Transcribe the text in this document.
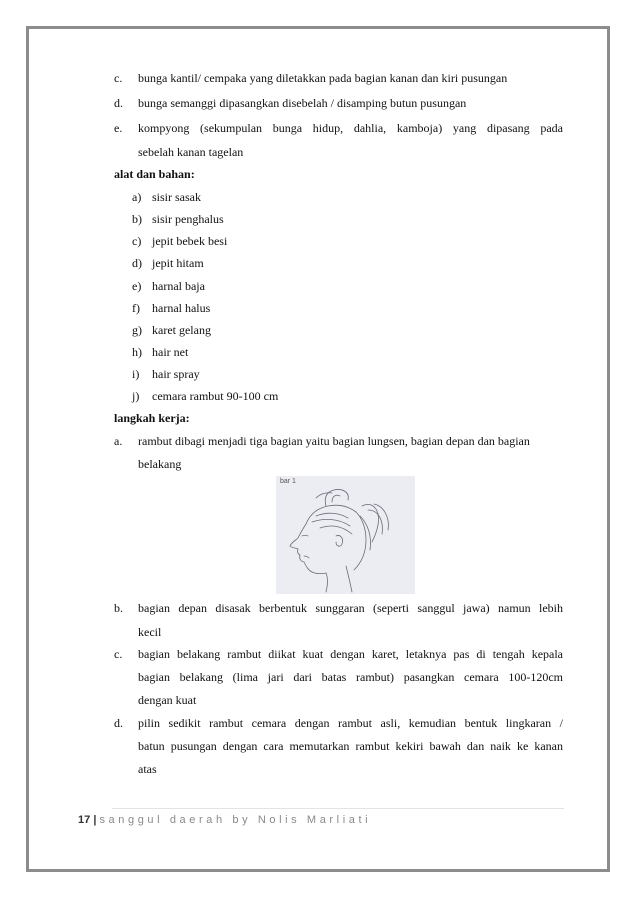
c. bunga kantil/ cempaka yang diletakkan pada bagian kanan dan kiri pusungan
d. bunga semanggi dipasangkan disebelah / disamping butun pusungan
e. kompyong (sekumpulan bunga hidup, dahlia, kamboja) yang dipasang pada
sebelah kanan tagelan
alat dan bahan:
a) sisir sasak
b) sisir penghalus
c) jepit bebek besi
d) jepit hitam
e) harnal baja
f) harnal halus
g) karet gelang
h) hair net
i) hair spray
j) cemara rambut 90-100 cm
langkah kerja:
a. rambut dibagi menjadi tiga bagian yaitu bagian lungsen, bagian depan dan bagian
belakang
b. bagian depan disasak berbentuk sunggaran (seperti sanggul jawa) namun lebih
kecil
c. bagian belakang rambut diikat kuat dengan karet, letaknya pas di tengah kepala
bagian belakang (lima jari dari batas rambut) pasangkan cemara 100-120cm
dengan kuat
d. pilin sedikit rambut cemara dengan rambut asli, kemudian bentuk lingkaran /
batun pusungan dengan cara memutarkan rambut kekiri bawah dan naik ke kanan
atas
bar 1
17 | sanggul daerah by Nolis Marliati
